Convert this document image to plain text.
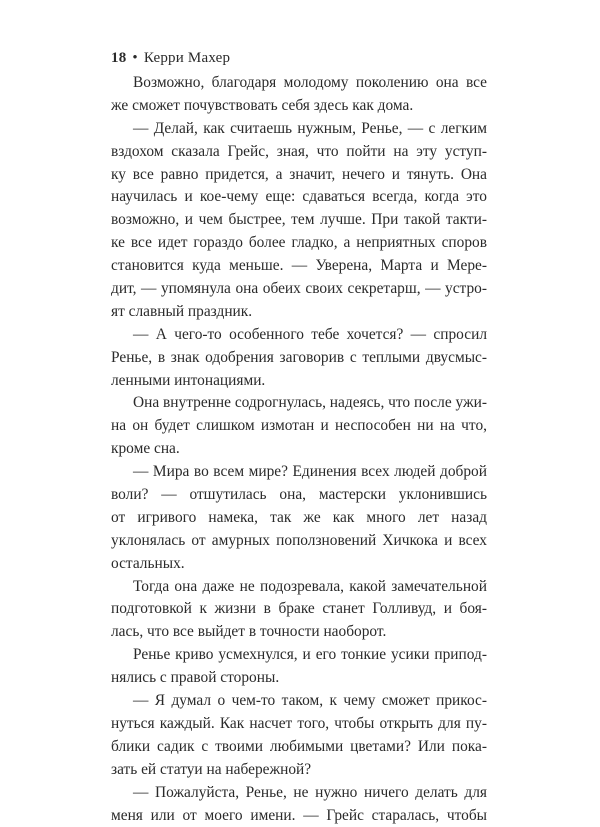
18 • Керри Махер
Возможно, благодаря молодому поколению она все
же сможет почувствовать себя здесь как дома.
— Делай, как считаешь нужным, Ренье, — с легким
вздохом сказала Грейс, зная, что пойти на эту уступ-
ку все равно придется, а значит, нечего и тянуть. Она
научилась и кое-чему еще: сдаваться всегда, когда это
возможно, и чем быстрее, тем лучше. При такой такти-
ке все идет гораздо более гладко, а неприятных споров
становится куда меньше. — Уверена, Марта и Мере-
дит, — упомянула она обеих своих секретарш, — устро-
ят славный праздник.
— А чего-то особенного тебе хочется? — спросил
Ренье, в знак одобрения заговорив с теплыми двусмыс-
ленными интонациями.
Она внутренне содрогнулась, надеясь, что после ужи-
на он будет слишком измотан и неспособен ни на что,
кроме сна.
— Мира во всем мире? Единения всех людей доброй
воли? — отшутилась она, мастерски уклонившись
от игривого намека, так же как много лет назад
уклонялась от амурных поползновений Хичкока и всех
остальных.
Тогда она даже не подозревала, какой замечательной
подготовкой к жизни в браке станет Голливуд, и боя-
лась, что все выйдет в точности наоборот.
Ренье криво усмехнулся, и его тонкие усики припод-
нялись с правой стороны.
— Я думал о чем-то таком, к чему сможет прикос-
нуться каждый. Как насчет того, чтобы открыть для пу-
блики садик с твоими любимыми цветами? Или пока-
зать ей статуи на набережной?
— Пожалуйста, Ренье, не нужно ничего делать для
меня или от моего имени. — Грейс старалась, чтобы
